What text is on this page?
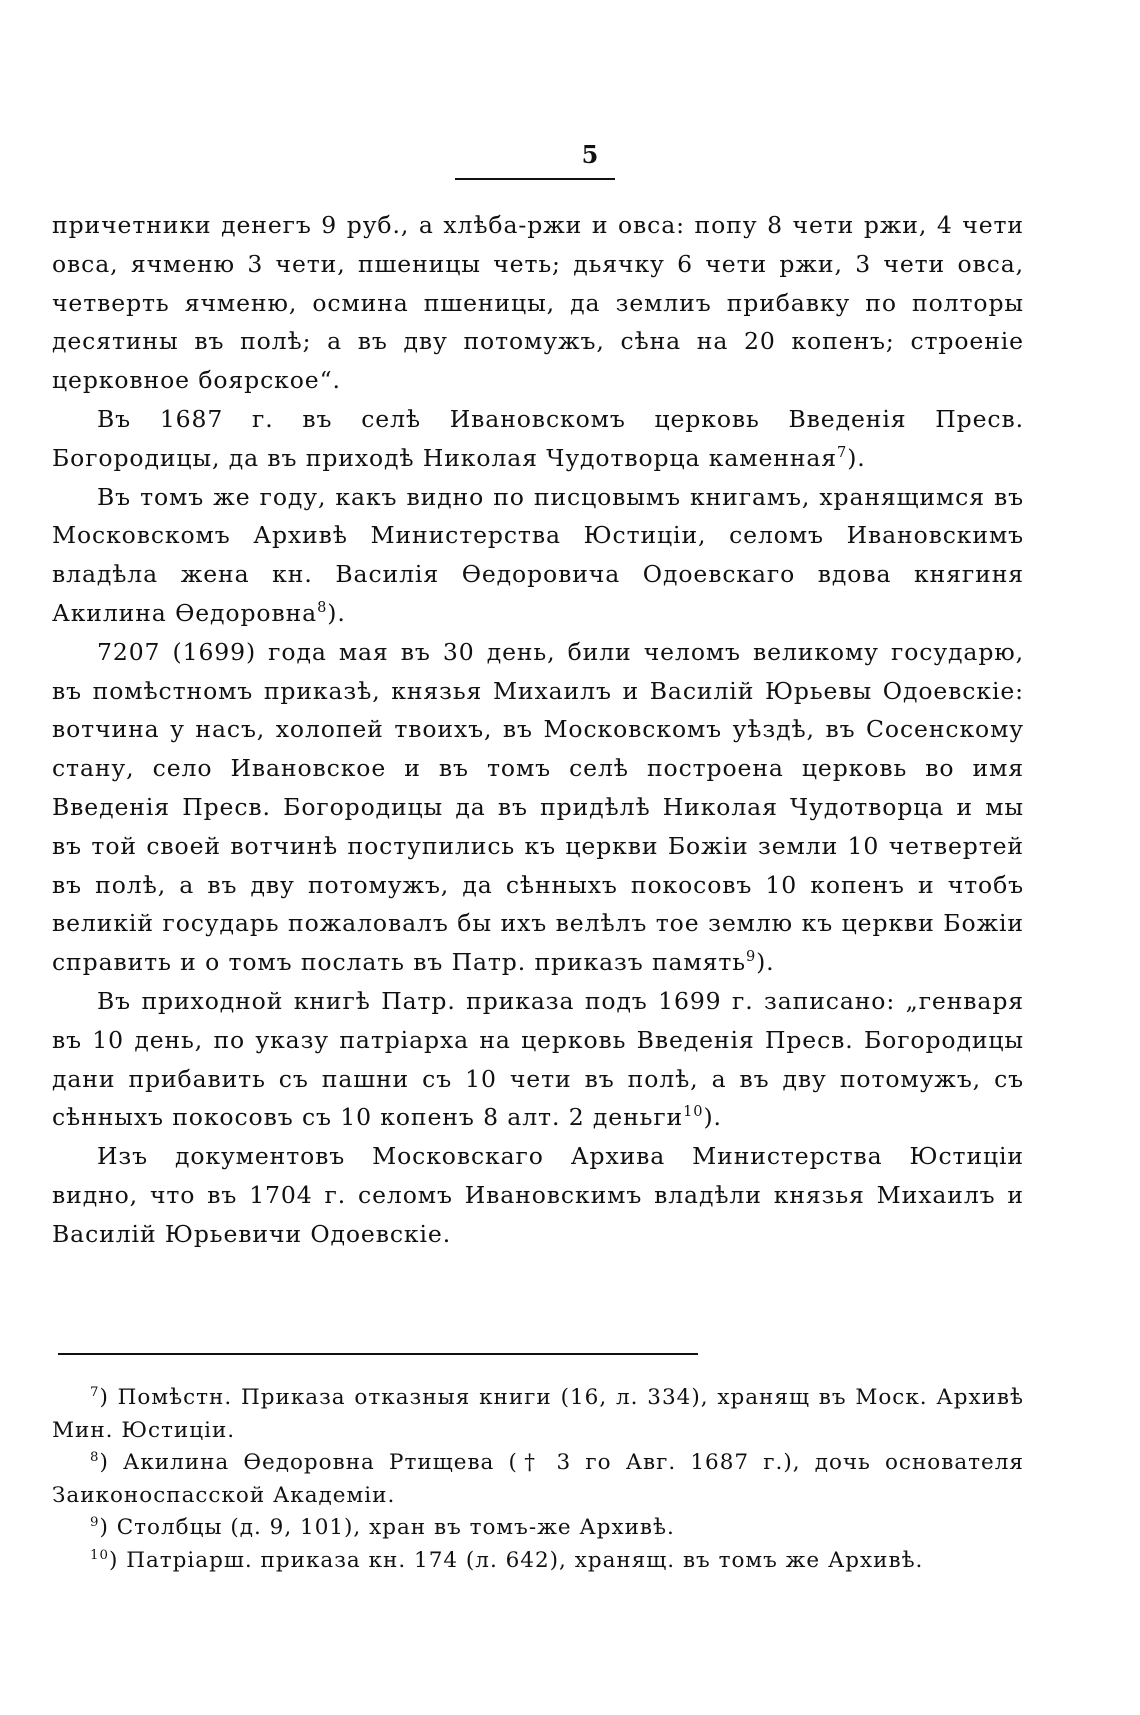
5

причетники денегъ 9 руб., а хлѣба-ржи и овса: попу 8 чети ржи, 4 чети овса, ячменю 3 чети, пшеницы четь; дьячку 6 чети ржи, 3 чети овса, четверть ячменю, осмина пшеницы, да землиъ прибавку по полторы десятины въ полѣ; а въ дву потомужъ, сѣна на 20 копенъ; строеніе церковное боярское“.

Въ 1687 г. въ селѣ Ивановскомъ церковь Введенія Пресв. Богородицы, да въ приходѣ Николая Чудотворца каменная$^7$).

Въ томъ же году, какъ видно по писцовымъ книгамъ, хранящимся въ Московскомъ Архивѣ Министерства Юстиціи, селомъ Ивановскимъ владѣла жена кн. Василія Ѳедоровича Одоевскаго вдова княгиня Акилина Ѳедоровна$^8$).

7207 (1699) года мая въ 30 день, били челомъ великому государю, въ помѣстномъ приказѣ, князья Михаилъ и Василій Юрьевы Одоевскіе: вотчина у насъ, холопей твоихъ, въ Московскомъ уѣздѣ, въ Сосенскому стану, село Ивановское и въ томъ селѣ построена церковь во имя Введенія Пресв. Богородицы да въ придѣлѣ Николая Чудотворца и мы въ той своей вотчинѣ поступились къ церкви Божіи земли 10 четвертей въ полѣ, а въ дву потомужъ, да сѣнныхъ покосовъ 10 копенъ и чтобъ великій государь пожаловалъ бы ихъ велѣлъ тое землю къ церкви Божіи справить и о томъ послать въ Патр. приказъ память$^9$).

Въ приходной книгѣ Патр. приказа подъ 1699 г. записано: „генваря въ 10 день, по указу патріарха на церковь Введенія Пресв. Богородицы дани прибавить съ пашни съ 10 чети въ полѣ, а въ дву потомужъ, съ сѣнныхъ покосовъ съ 10 копенъ 8 алт. 2 деньги$^{10}$).

Изъ документовъ Московскаго Архива Министерства Юстиціи видно, что въ 1704 г. селомъ Ивановскимъ владѣли князья Михаилъ и Василій Юрьевичи Одоевскіе.

$^7$) Помѣстн. Приказа отказныя книги (16, л. 334), хранящ въ Моск. Архивѣ Мин. Юстиціи.

$^8$) Акилина Ѳедоровна Ртищева († 3 го Авг. 1687 г.), дочь основателя Заиконоспасской Академіи.

$^9$) Столбцы (д. 9, 101), хран въ томъ-же Архивѣ.

$^{10}$) Патріарш. приказа кн. 174 (л. 642), хранящ. въ томъ же Архивѣ.
